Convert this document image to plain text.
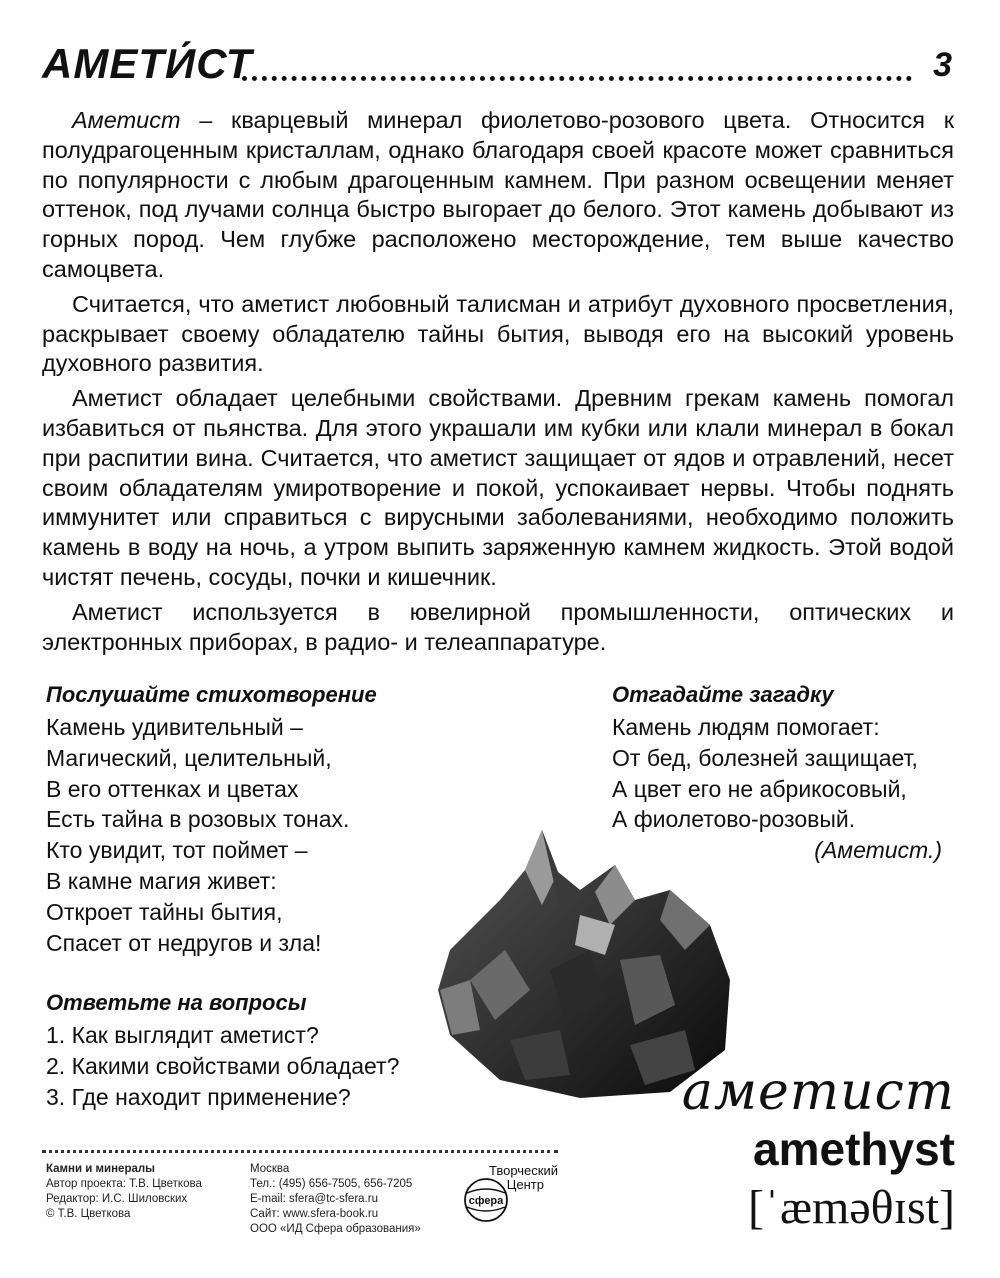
АМЕТИ́СТ	3

Аметист – кварцевый минерал фиолетово-розового цвета. Относится к полудрагоценным кристаллам, однако благодаря своей красоте может сравниться по популярности с любым драгоценным камнем. При разном освещении меняет оттенок, под лучами солнца быстро выгорает до белого. Этот камень добывают из горных пород. Чем глубже расположено месторождение, тем выше качество самоцвета.

Считается, что аметист любовный талисман и атрибут духовного просветления, раскрывает своему обладателю тайны бытия, выводя его на высокий уровень духовного развития.

Аметист обладает целебными свойствами. Древним грекам камень помогал избавиться от пьянства. Для этого украшали им кубки или клали минерал в бокал при распитии вина. Считается, что аметист защищает от ядов и отравлений, несет своим обладателям умиротворение и покой, успокаивает нервы. Чтобы поднять иммунитет или справиться с вирусными заболеваниями, необходимо положить камень в воду на ночь, а утром выпить заряженную камнем жидкость. Этой водой чистят печень, сосуды, почки и кишечник.

Аметист используется в ювелирной промышленности, оптических и электронных приборах, в радио- и телеаппаратуре.

Послушайте стихотворение
Камень удивительный –
Магический, целительный,
В его оттенках и цветах
Есть тайна в розовых тонах.
Кто увидит, тот поймет –
В камне магия живет:
Откроет тайны бытия,
Спасет от недругов и зла!
Отгадайте загадку
Камень людям помогает:
От бед, болезней защищает,
А цвет его не абрикосовый,
А фиолетово-розовый.
(Аметист.)
Ответьте на вопросы
1. Как выглядит аметист?
2. Какими свойствами обладает?
3. Где находит применение?	аметист
amethyst
[ˈæməθɪst]
Камни и минералы
Автор проекта: Т.В. Цветкова
Редактор: И.С. Шиловских
© Т.В. Цветкова
Москва
Тел.: (495) 656-7505, 656-7205
E-mail: sfera@tc-sfera.ru
Сайт: www.sfera-book.ru
ООО «ИД Сфера образования»
Творческий
Центр
сфера
